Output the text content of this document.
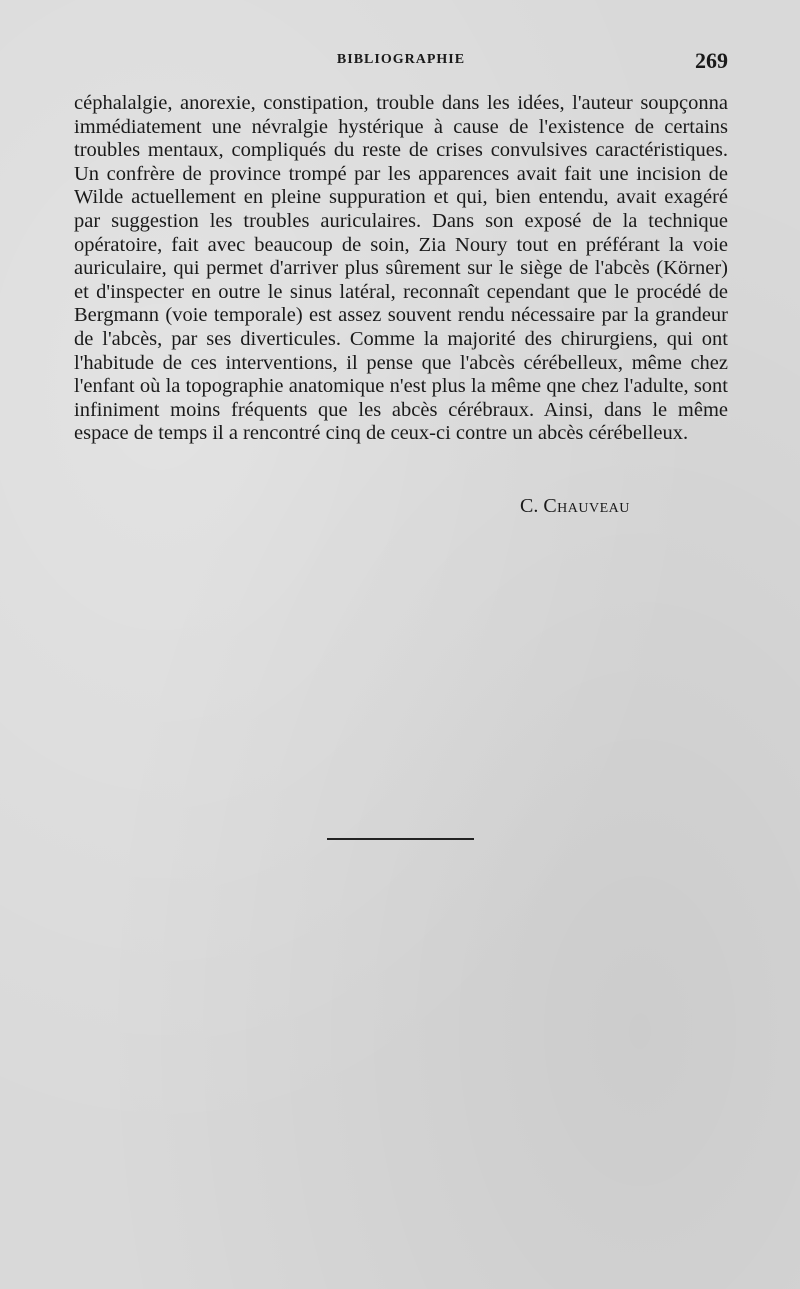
BIBLIOGRAPHIE	269

céphalalgie, anorexie, constipation, trouble dans les idées, l'auteur soupçonna immédiatement une névralgie hystérique à cause de l'existence de certains troubles mentaux, compliqués du reste de crises convulsives caractéristiques. Un confrère de province trompé par les apparences avait fait une incision de Wilde actuellement en pleine suppuration et qui, bien entendu, avait exagéré par suggestion les troubles auriculaires. Dans son exposé de la technique opératoire, fait avec beaucoup de soin, Zia Noury tout en préférant la voie auriculaire, qui permet d'arriver plus sûrement sur le siège de l'abcès (Körner) et d'inspecter en outre le sinus latéral, reconnaît cependant que le procédé de Bergmann (voie temporale) est assez souvent rendu nécessaire par la grandeur de l'abcès, par ses diverticules. Comme la majorité des chirurgiens, qui ont l'habitude de ces interventions, il pense que l'abcès cérébelleux, même chez l'enfant où la topographie anatomique n'est plus la même qne chez l'adulte, sont infiniment moins fréquents que les abcès cérébraux. Ainsi, dans le même espace de temps il a rencontré cinq de ceux-ci contre un abcès cérébelleux.

C. Chauveau
